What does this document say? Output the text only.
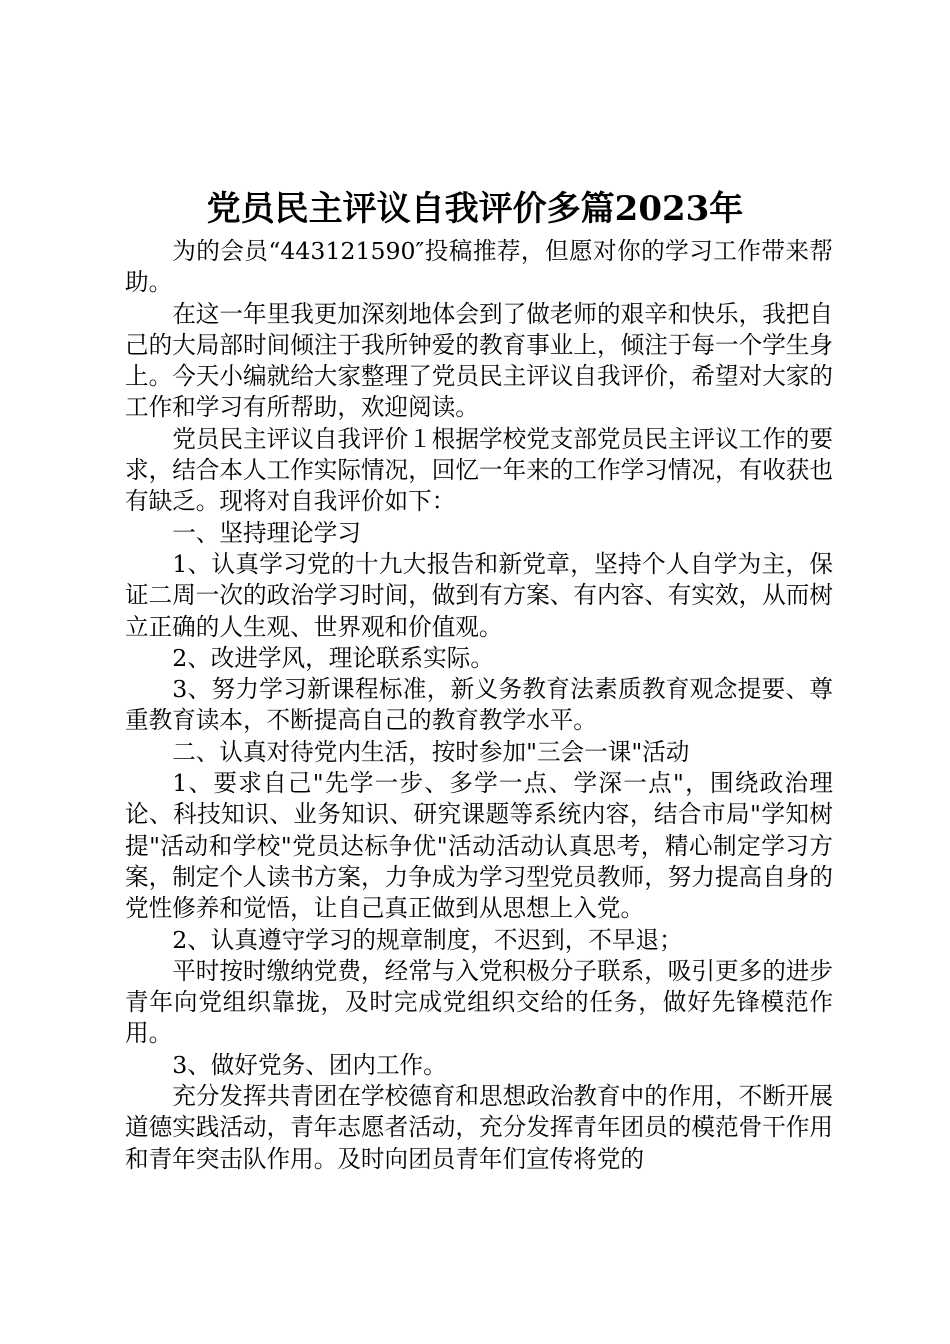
党员民主评议自我评价多篇2023年

为的会员“443121590″投稿推荐，但愿对你的学习工作带来帮助。

在这一年里我更加深刻地体会到了做老师的艰辛和快乐，我把自己的大局部时间倾注于我所钟爱的教育事业上，倾注于每一个学生身上。今天小编就给大家整理了党员民主评议自我评价，希望对大家的工作和学习有所帮助，欢迎阅读。

党员民主评议自我评价１根据学校党支部党员民主评议工作的要求，结合本人工作实际情况，回忆一年来的工作学习情况，有收获也有缺乏。现将对自我评价如下：

一、坚持理论学习

1、认真学习党的十九大报告和新党章，坚持个人自学为主，保证二周一次的政治学习时间，做到有方案、有内容、有实效，从而树立正确的人生观、世界观和价值观。

2、改进学风，理论联系实际。

3、努力学习新课程标准，新义务教育法素质教育观念提要、尊重教育读本，不断提高自己的教育教学水平。

二、认真对待党内生活，按时参加"三会一课"活动

1、要求自己"先学一步、多学一点、学深一点"，围绕政治理论、科技知识、业务知识、研究课题等系统内容，结合市局"学知树提"活动和学校"党员达标争优"活动活动认真思考，精心制定学习方案，制定个人读书方案，力争成为学习型党员教师，努力提高自身的党性修养和觉悟，让自己真正做到从思想上入党。

2、认真遵守学习的规章制度，不迟到，不早退；

平时按时缴纳党费，经常与入党积极分子联系，吸引更多的进步青年向党组织靠拢，及时完成党组织交给的任务，做好先锋模范作用。

3、做好党务、团内工作。

充分发挥共青团在学校德育和思想政治教育中的作用，不断开展道德实践活动，青年志愿者活动，充分发挥青年团员的模范骨干作用和青年突击队作用。及时向团员青年们宣传将党的
